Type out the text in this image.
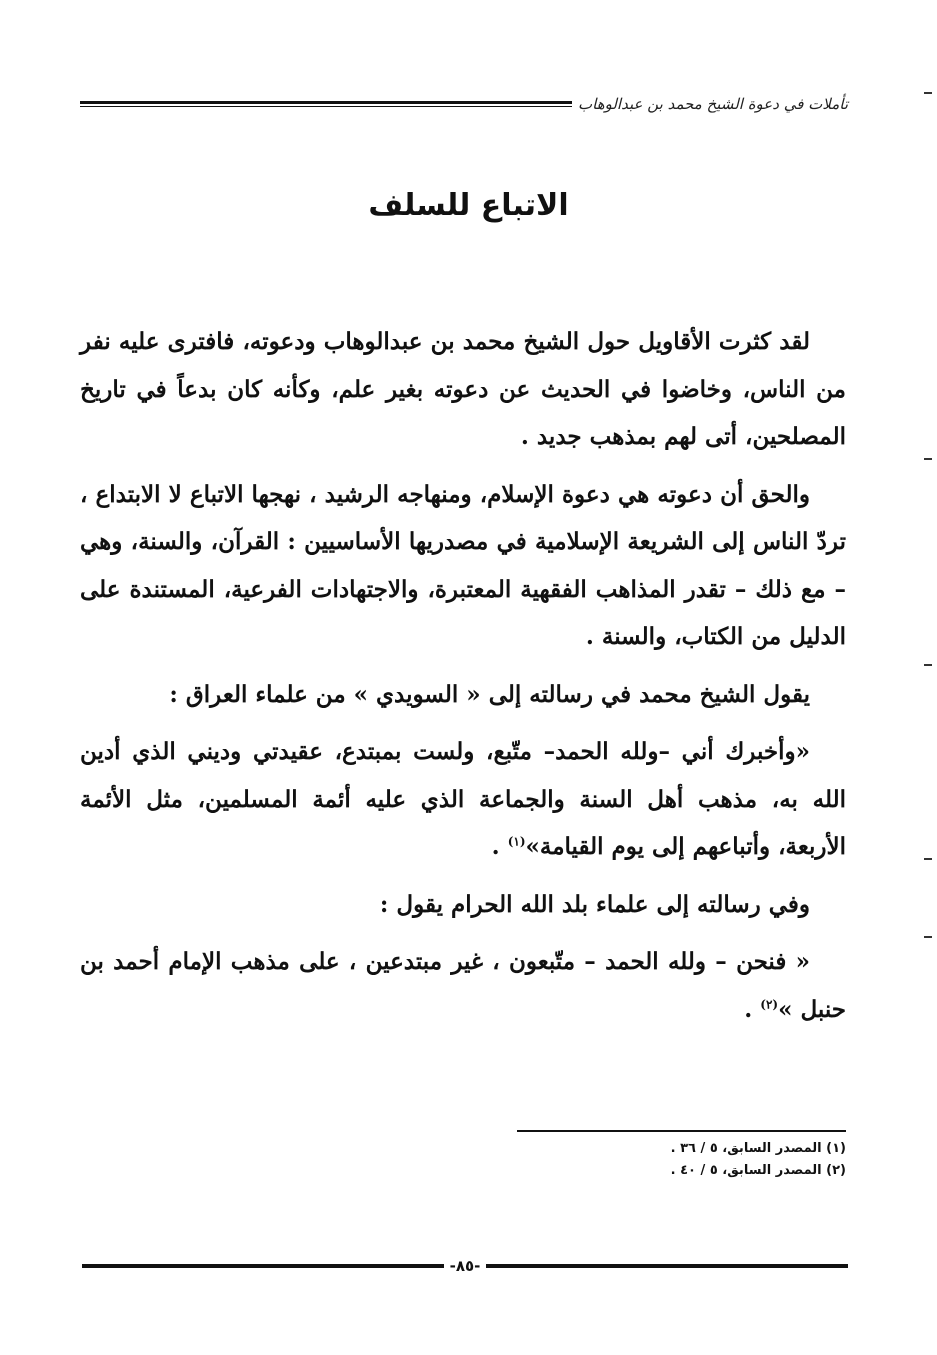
تأملات في دعوة الشيخ محمد بن عبدالوهاب
الاتباع للسلف

لقد كثرت الأقاويل حول الشيخ محمد بن عبدالوهاب ودعوته، فافترى عليه نفر من الناس، وخاضوا في الحديث عن دعوته بغير علم، وكأنه كان بدعاً في تاريخ المصلحين، أتى لهم بمذهب جديد .

والحق أن دعوته هي دعوة الإسلام، ومنهاجه الرشيد ، نهجها الاتباع لا الابتداع ، تردّ الناس إلى الشريعة الإسلامية في مصدريها الأساسيين : القرآن، والسنة، وهي – مع ذلك – تقدر المذاهب الفقهية المعتبرة، والاجتهادات الفرعية، المستندة على الدليل من الكتاب، والسنة .

يقول الشيخ محمد في رسالته إلى « السويدي » من علماء العراق :

«وأخبرك أني –ولله الحمد– متّبع، ولست بمبتدع، عقيدتي وديني الذي أدين الله به، مذهب أهل السنة والجماعة الذي عليه أئمة المسلمين، مثل الأئمة الأربعة، وأتباعهم إلى يوم القيامة»$^{(١)}$ .

وفي رسالته إلى علماء بلد الله الحرام يقول :

« فنحن – ولله الحمد – متّبعون ، غير مبتدعين ، على مذهب الإمام أحمد بن حنبل »$^{(٢)}$ .

(١) المصدر السابق، ٥ / ٣٦ .

(٢) المصدر السابق، ٥ / ٤٠ .

-٨٥-
